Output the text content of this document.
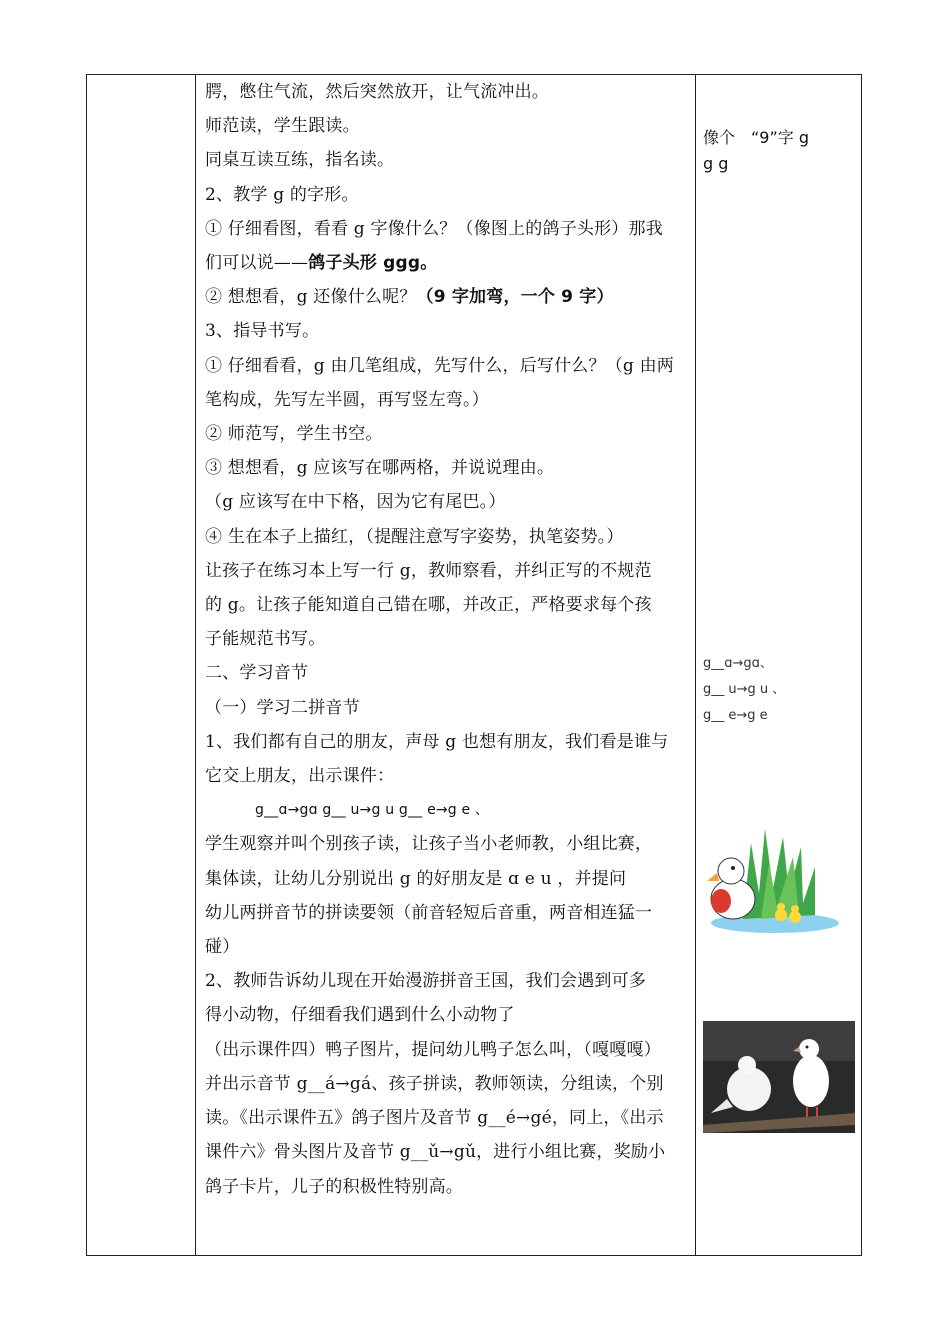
腭，憋住气流，然后突然放开，让气流冲出。

师范读，学生跟读。

同桌互读互练，指名读。

2、教学 g 的字形。

① 仔细看图，看看 g 字像什么？（像图上的鸽子头形）那我

们可以说——鸽子头形 ggg。

② 想想看，g 还像什么呢？（9 字加弯，一个 9 字）

3、指导书写。

① 仔细看看，g 由几笔组成，先写什么，后写什么？（g 由两

笔构成，先写左半圆，再写竖左弯。）

② 师范写，学生书空。

③ 想想看，g 应该写在哪两格，并说说理由。

（g 应该写在中下格，因为它有尾巴。）

④ 生在本子上描红，（提醒注意写字姿势，执笔姿势。）

让孩子在练习本上写一行 g，教师察看，并纠正写的不规范

的 g。让孩子能知道自己错在哪，并改正，严格要求每个孩

子能规范书写。

二、学习音节

（一）学习二拼音节

1、我们都有自己的朋友，声母 g 也想有朋友，我们看是谁与

它交上朋友，出示课件：

g__ɑ→gɑ g__ u→g u g__ e→g e 、

学生观察并叫个别孩子读，让孩子当小老师教，小组比赛，

集体读，让幼儿分别说出 g 的好朋友是 ɑ e u ，并提问

幼儿两拼音节的拼读要领（前音轻短后音重，两音相连猛一

碰）

2、教师告诉幼儿现在开始漫游拼音王国，我们会遇到可多

得小动物，仔细看我们遇到什么小动物了

（出示课件四）鸭子图片，提问幼儿鸭子怎么叫，（嘎嘎嘎）

并出示音节 g__á→gá、孩子拼读，教师领读，分组读，个别

读。《出示课件五》鸽子图片及音节 g__é→gé，同上，《出示

课件六》骨头图片及音节 g__ǔ→gǔ，进行小组比赛，奖励小

鸽子卡片，儿子的积极性特别高。

像个　“9”字 g
g g
g__ɑ→gɑ、
g__ u→g u 、
g__ e→g e
